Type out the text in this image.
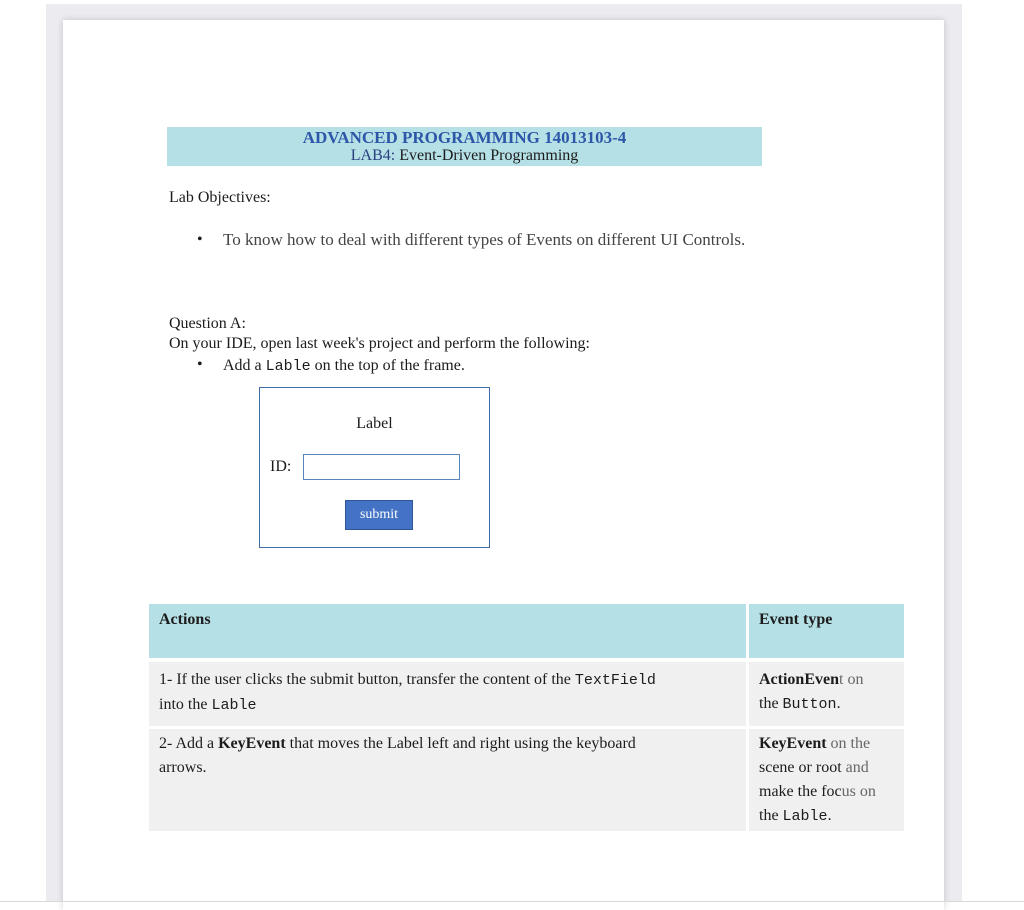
ADVANCED PROGRAMMING 14013103-4
LAB4: Event-Driven Programming
Lab Objectives:
• To know how to deal with different types of Events on different UI Controls.
Question A:
On your IDE, open last week's project and perform the following:
• Add a Lable on the top of the frame.
Label
ID:
submit
Actions	Event type
1- If the user clicks the submit button, transfer the content of the TextField
into the Lable
ActionEvent on
the Button.
2- Add a KeyEvent that moves the Label left and right using the keyboard
arrows.
KeyEvent on the
scene or root and
make the focus on
the Lable.
